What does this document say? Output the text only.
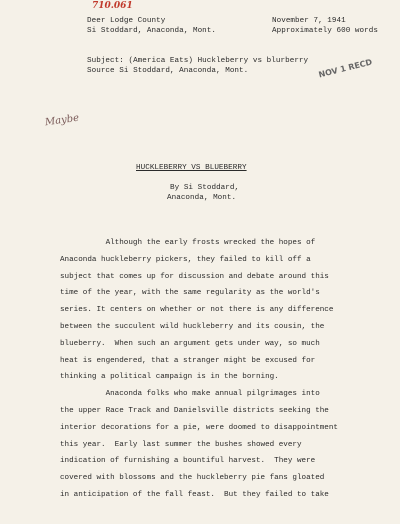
710.061
Deer Lodge County
Si Stoddard, Anaconda, Mont.
November 7, 1941
Approximately 600 words
Subject: (America Eats) Huckleberry vs blurberry
Source Si Stoddard, Anaconda, Mont.	NOV 1 RECD
Maybe
HUCKLEBERRY VS BLUEBERRY
By Si Stoddard,
Anaconda, Mont.
Although the early frosts wrecked the hopes of
Anaconda huckleberry pickers, they failed to kill off a
subject that comes up for discussion and debate around this
time of the year, with the same regularity as the world's
series. It centers on whether or not there is any difference
between the succulent wild huckleberry and its cousin, the
blueberry.  When such an argument gets under way, so much
heat is engendered, that a stranger might be excused for
thinking a political campaign is in the borning.
Anaconda folks who make annual pilgrimages into
the upper Race Track and Danielsville districts seeking the
interior decorations for a pie, were doomed to disappointment
this year.  Early last summer the bushes showed every
indication of furnishing a bountiful harvest.  They were
covered with blossoms and the huckleberry pie fans gloated
in anticipation of the fall feast.  But they failed to take
